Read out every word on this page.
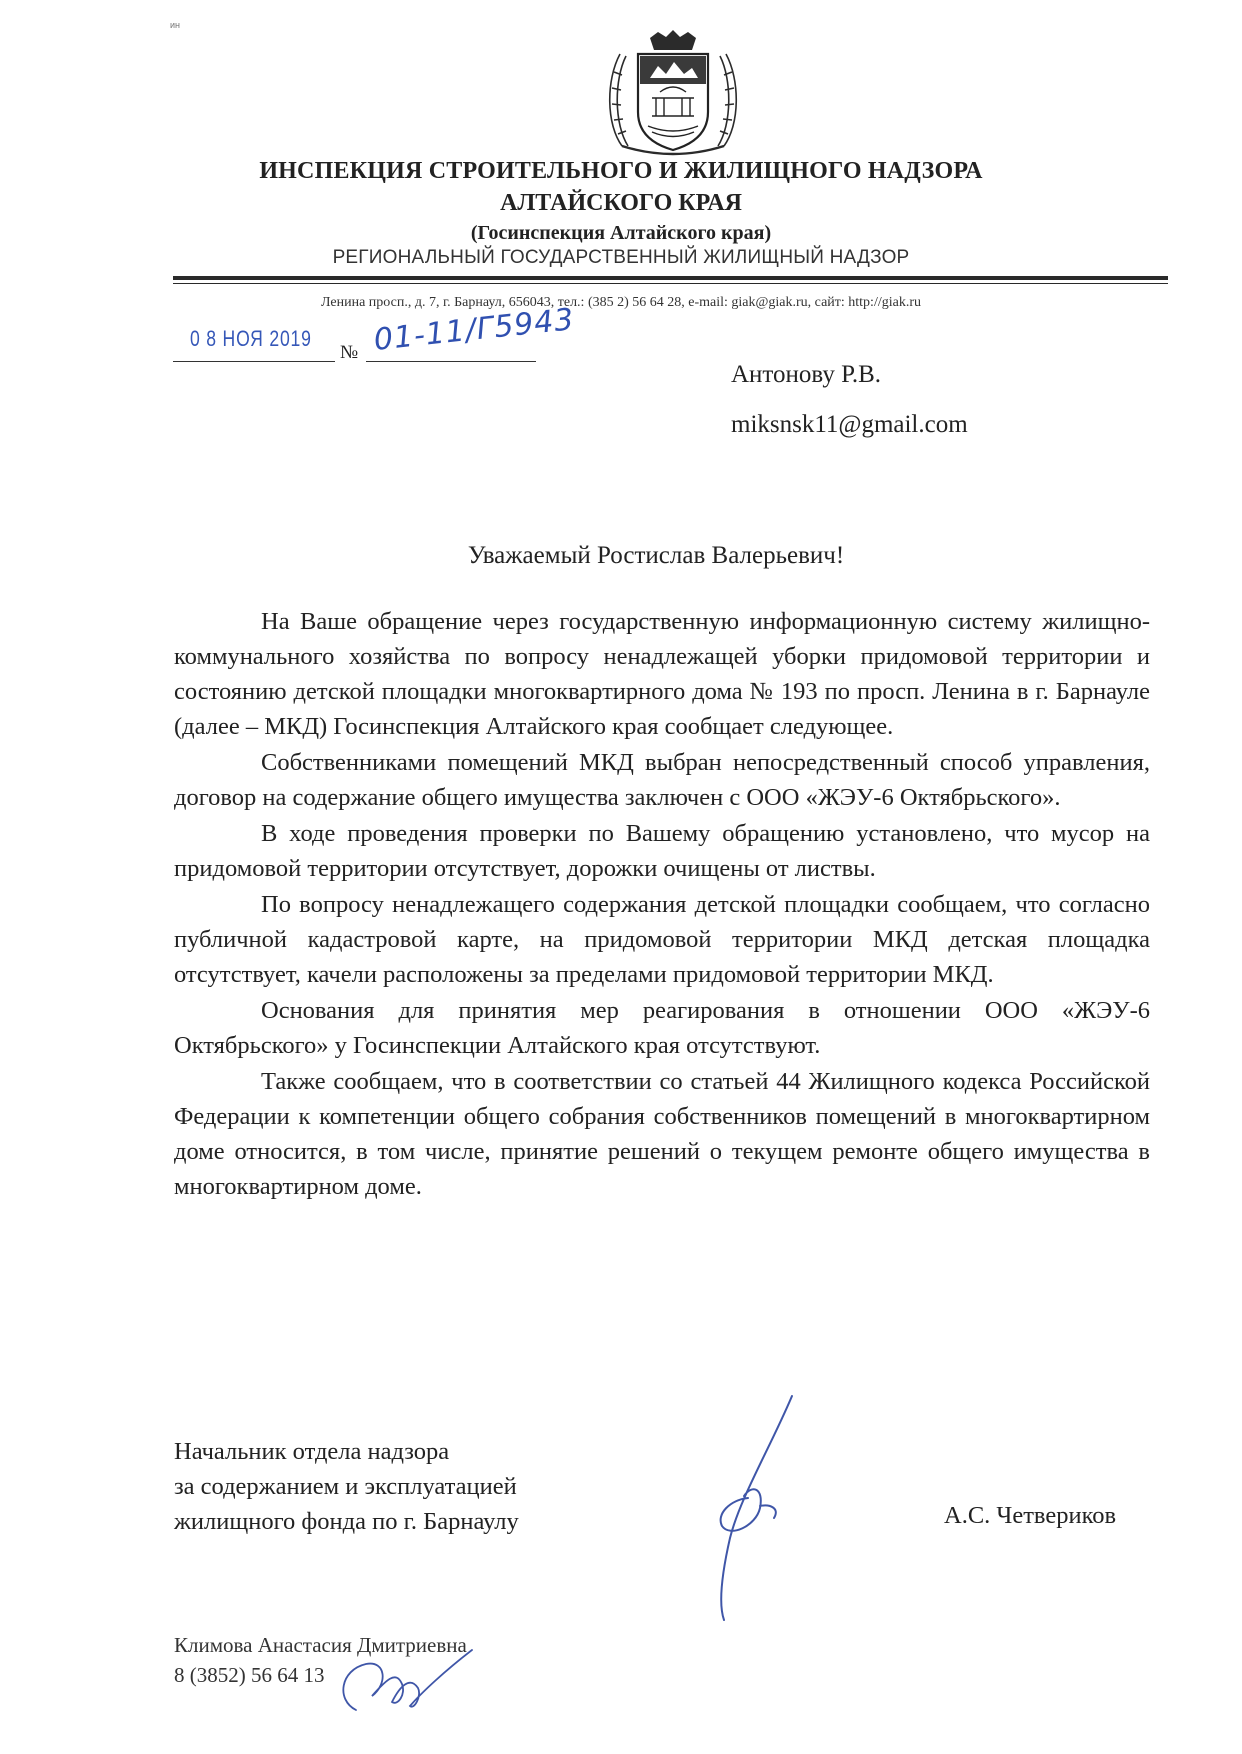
ин
ИНСПЕКЦИЯ СТРОИТЕЛЬНОГО И ЖИЛИЩНОГО НАДЗОРА
АЛТАЙСКОГО КРАЯ
(Госинспекция Алтайского края)
РЕГИОНАЛЬНЫЙ ГОСУДАРСТВЕННЫЙ ЖИЛИЩНЫЙ НАДЗОР
Ленина просп., д. 7, г. Барнаул, 656043, тел.: (385 2) 56 64 28, e-mail: giak@giak.ru, сайт: http://giak.ru
0 8 НОЯ 2019
№ 01-11/Г5943
Антонову Р.В.
miksnsk11@gmail.com
Уважаемый Ростислав Валерьевич!

На Ваше обращение через государственную информационную систему жилищно-коммунального хозяйства по вопросу ненадлежащей уборки придомовой территории и состоянию детской площадки многоквартирного дома № 193 по просп. Ленина в г. Барнауле (далее – МКД) Госинспекция Алтайского края сообщает следующее.

Собственниками помещений МКД выбран непосредственный способ управления, договор на содержание общего имущества заключен с ООО «ЖЭУ-6 Октябрьского».

В ходе проведения проверки по Вашему обращению установлено, что мусор на придомовой территории отсутствует, дорожки очищены от листвы.

По вопросу ненадлежащего содержания детской площадки сообщаем, что согласно публичной кадастровой карте, на придомовой территории МКД детская площадка отсутствует, качели расположены за пределами придомовой территории МКД.

Основания для принятия мер реагирования в отношении ООО «ЖЭУ-6 Октябрьского» у Госинспекции Алтайского края отсутствуют.

Также сообщаем, что в соответствии со статьей 44 Жилищного кодекса Российской Федерации к компетенции общего собрания собственников помещений в многоквартирном доме относится, в том числе, принятие решений о текущем ремонте общего имущества в многоквартирном доме.

Начальник отдела надзора
за содержанием и эксплуатацией
жилищного фонда по г. Барнаулу	А.С. Четвериков
Климова Анастасия Дмитриевна
8 (3852) 56 64 13
